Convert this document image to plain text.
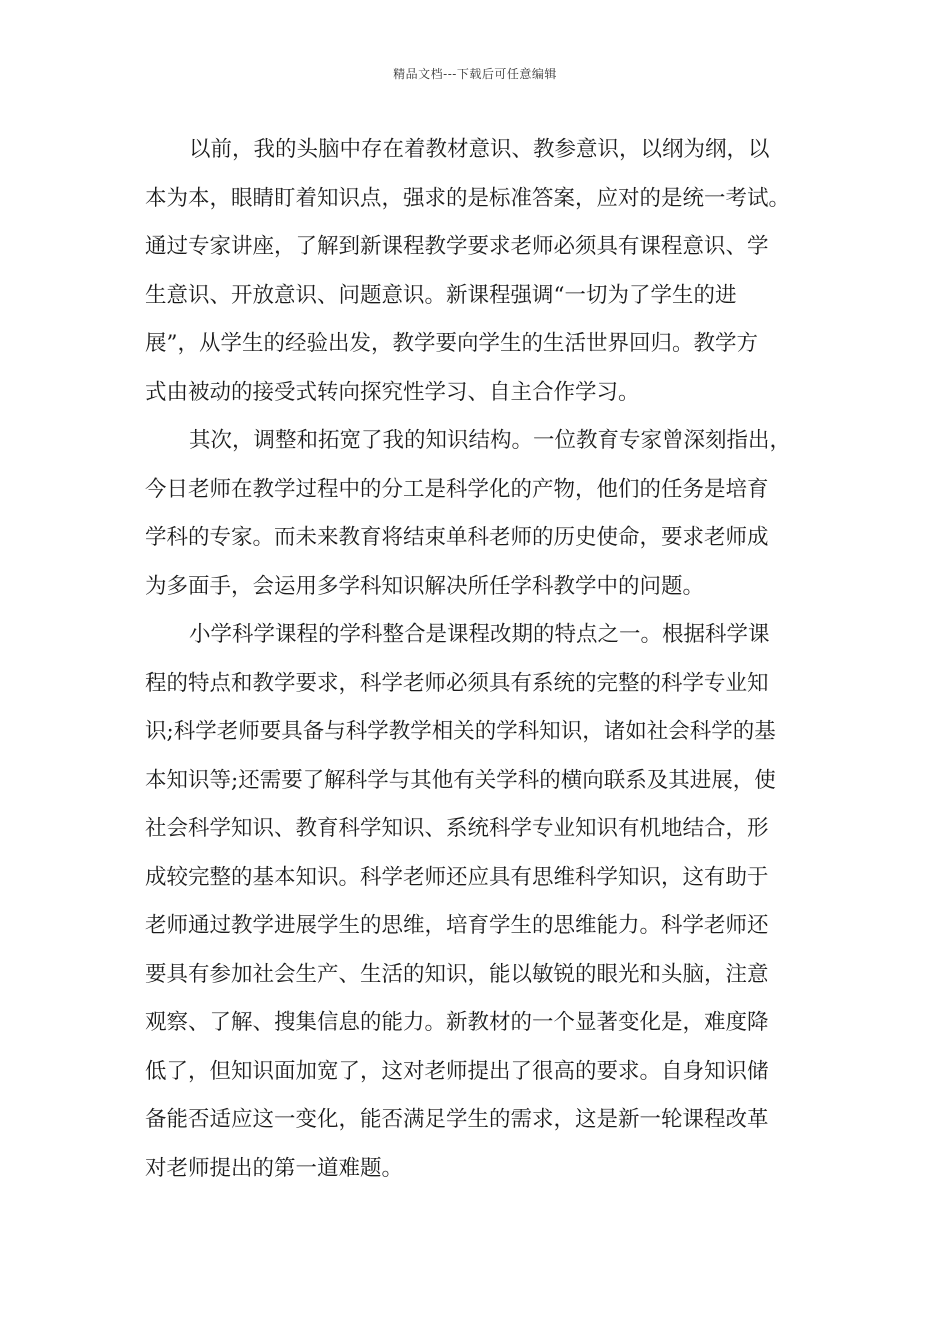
精品文档---下载后可任意编辑
以前，我的头脑中存在着教材意识、教参意识，以纲为纲，以
本为本，眼睛盯着知识点，强求的是标准答案，应对的是统一考试。
通过专家讲座，了解到新课程教学要求老师必须具有课程意识、学
生意识、开放意识、问题意识。新课程强调“一切为了学生的进
展”，从学生的经验出发，教学要向学生的生活世界回归。教学方
式由被动的接受式转向探究性学习、自主合作学习。
其次，调整和拓宽了我的知识结构。一位教育专家曾深刻指出，
今日老师在教学过程中的分工是科学化的产物，他们的任务是培育
学科的专家。而未来教育将结束单科老师的历史使命，要求老师成
为多面手，会运用多学科知识解决所任学科教学中的问题。
小学科学课程的学科整合是课程改期的特点之一。根据科学课
程的特点和教学要求，科学老师必须具有系统的完整的科学专业知
识;科学老师要具备与科学教学相关的学科知识，诸如社会科学的基
本知识等;还需要了解科学与其他有关学科的横向联系及其进展，使
社会科学知识、教育科学知识、系统科学专业知识有机地结合，形
成较完整的基本知识。科学老师还应具有思维科学知识，这有助于
老师通过教学进展学生的思维，培育学生的思维能力。科学老师还
要具有参加社会生产、生活的知识，能以敏锐的眼光和头脑，注意
观察、了解、搜集信息的能力。新教材的一个显著变化是，难度降
低了，但知识面加宽了，这对老师提出了很高的要求。自身知识储
备能否适应这一变化，能否满足学生的需求，这是新一轮课程改革
对老师提出的第一道难题。
